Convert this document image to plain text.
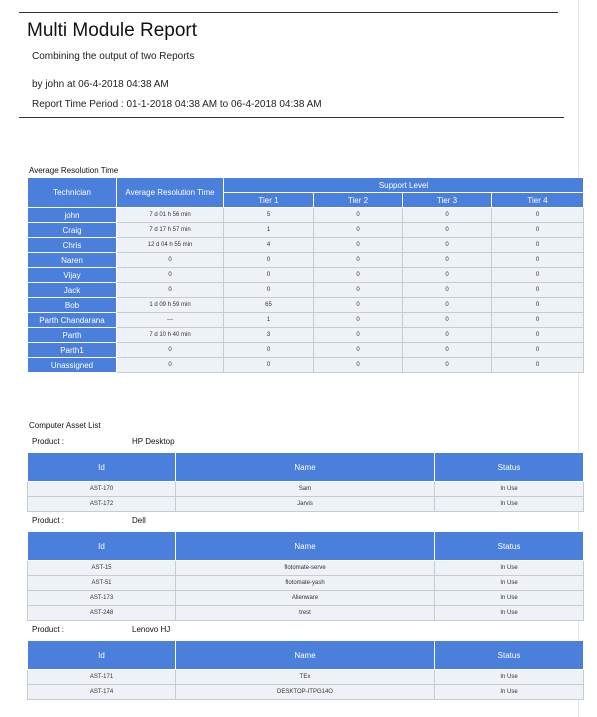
Multi Module Report
Combining the output of two Reports
by john at 06-4-2018 04:38 AM
Report Time Period : 01-1-2018 04:38 AM to 06-4-2018 04:38 AM
Average Resolution Time
Technician	Average Resolution Time	Support Level			
		Tier 1	Tier 2	Tier 3	Tier 4
john	7 d 01 h 56 min	5	0	0	0
Craig	7 d 17 h 57 min	1	0	0	0
Chris	12 d 04 h 55 min	4	0	0	0
Naren	0	0	0	0	0
Vijay	0	0	0	0	0
Jack	0	0	0	0	0
Bob	1 d 09 h 59 min	65	0	0	0
Parth Chandarana	---	1	0	0	0
Parth	7 d 10 h 40 min	3	0	0	0
Parth1	0	0	0	0	0
Unassigned	0	0	0	0	0
Computer Asset List
Product :	HP Desktop
Id	Name	Status
AST-170	Sam	In Use
AST-172	Jarvis	In Use
Product :	Dell
Id	Name	Status
AST-15	flotomate-serve	In Use
AST-51	flotomate-yash	In Use
AST-173	Alienware	In Use
AST-248	trest	In Use
Product :	Lenovo HJ
Id	Name	Status
AST-171	TEx	In Use
AST-174	DESKTOP-ITPG14O	In Use
